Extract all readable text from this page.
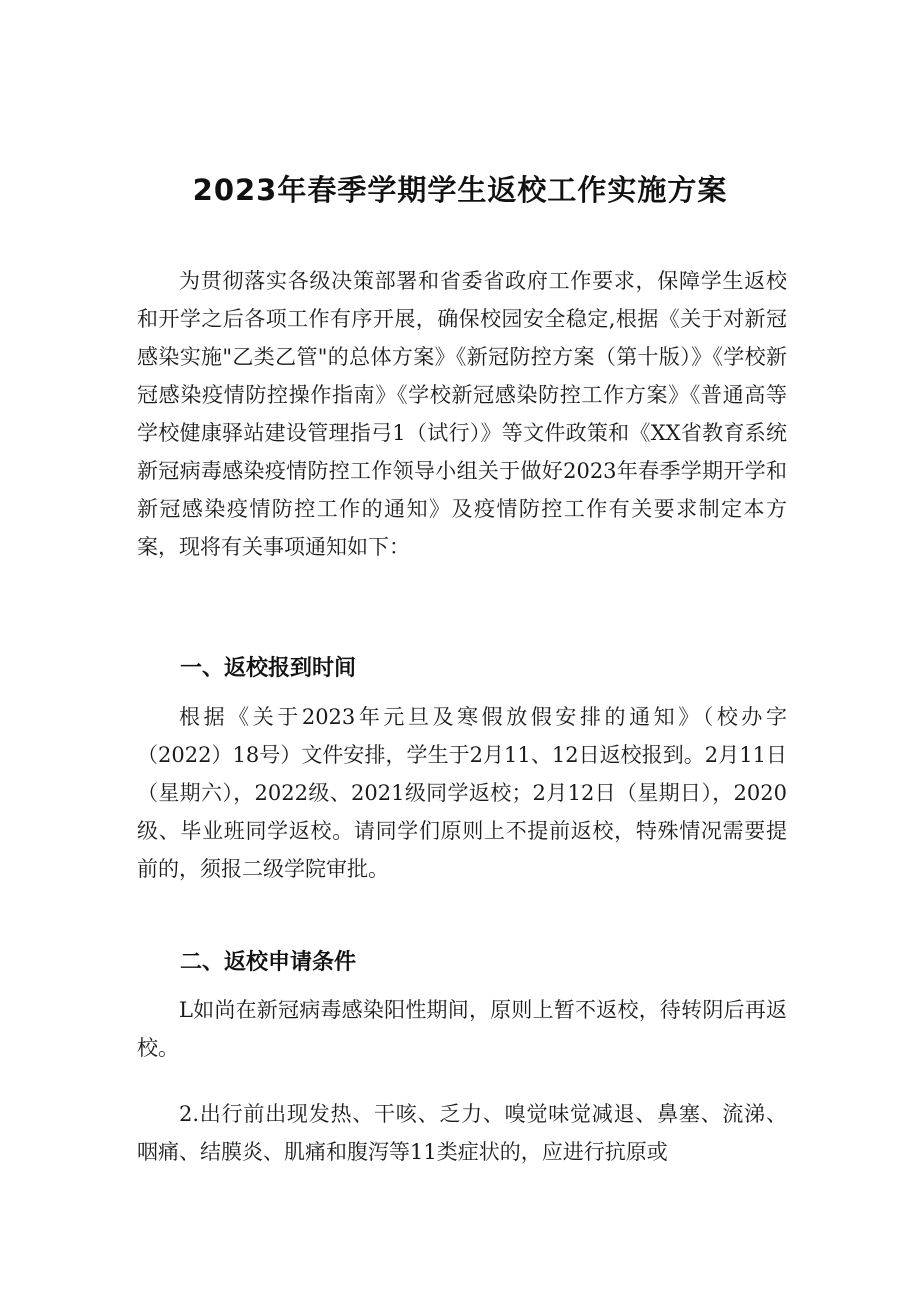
2023年春季学期学生返校工作实施方案

为贯彻落实各级决策部署和省委省政府工作要求，保障学生返校和开学之后各项工作有序开展，确保校园安全稳定,根据《关于对新冠感染实施"乙类乙管"的总体方案》《新冠防控方案（第十版）》《学校新冠感染疫情防控操作指南》《学校新冠感染防控工作方案》《普通高等学校健康驿站建设管理指弓1（试行）》等文件政策和《XX省教育系统新冠病毒感染疫情防控工作领导小组关于做好2023年春季学期开学和新冠感染疫情防控工作的通知》及疫情防控工作有关要求制定本方案，现将有关事项通知如下：

一、返校报到时间

根据《关于2023年元旦及寒假放假安排的通知》（校办字（2022）18号）文件安排，学生于2月11、12日返校报到。2月11日（星期六），2022级、2021级同学返校；2月12日（星期日），2020级、毕业班同学返校。请同学们原则上不提前返校，特殊情况需要提前的，须报二级学院审批。

二、返校申请条件

L如尚在新冠病毒感染阳性期间，原则上暂不返校，待转阴后再返校。

2.出行前出现发热、干咳、乏力、嗅觉味觉减退、鼻塞、流涕、咽痛、结膜炎、肌痛和腹泻等11类症状的，应进行抗原或
